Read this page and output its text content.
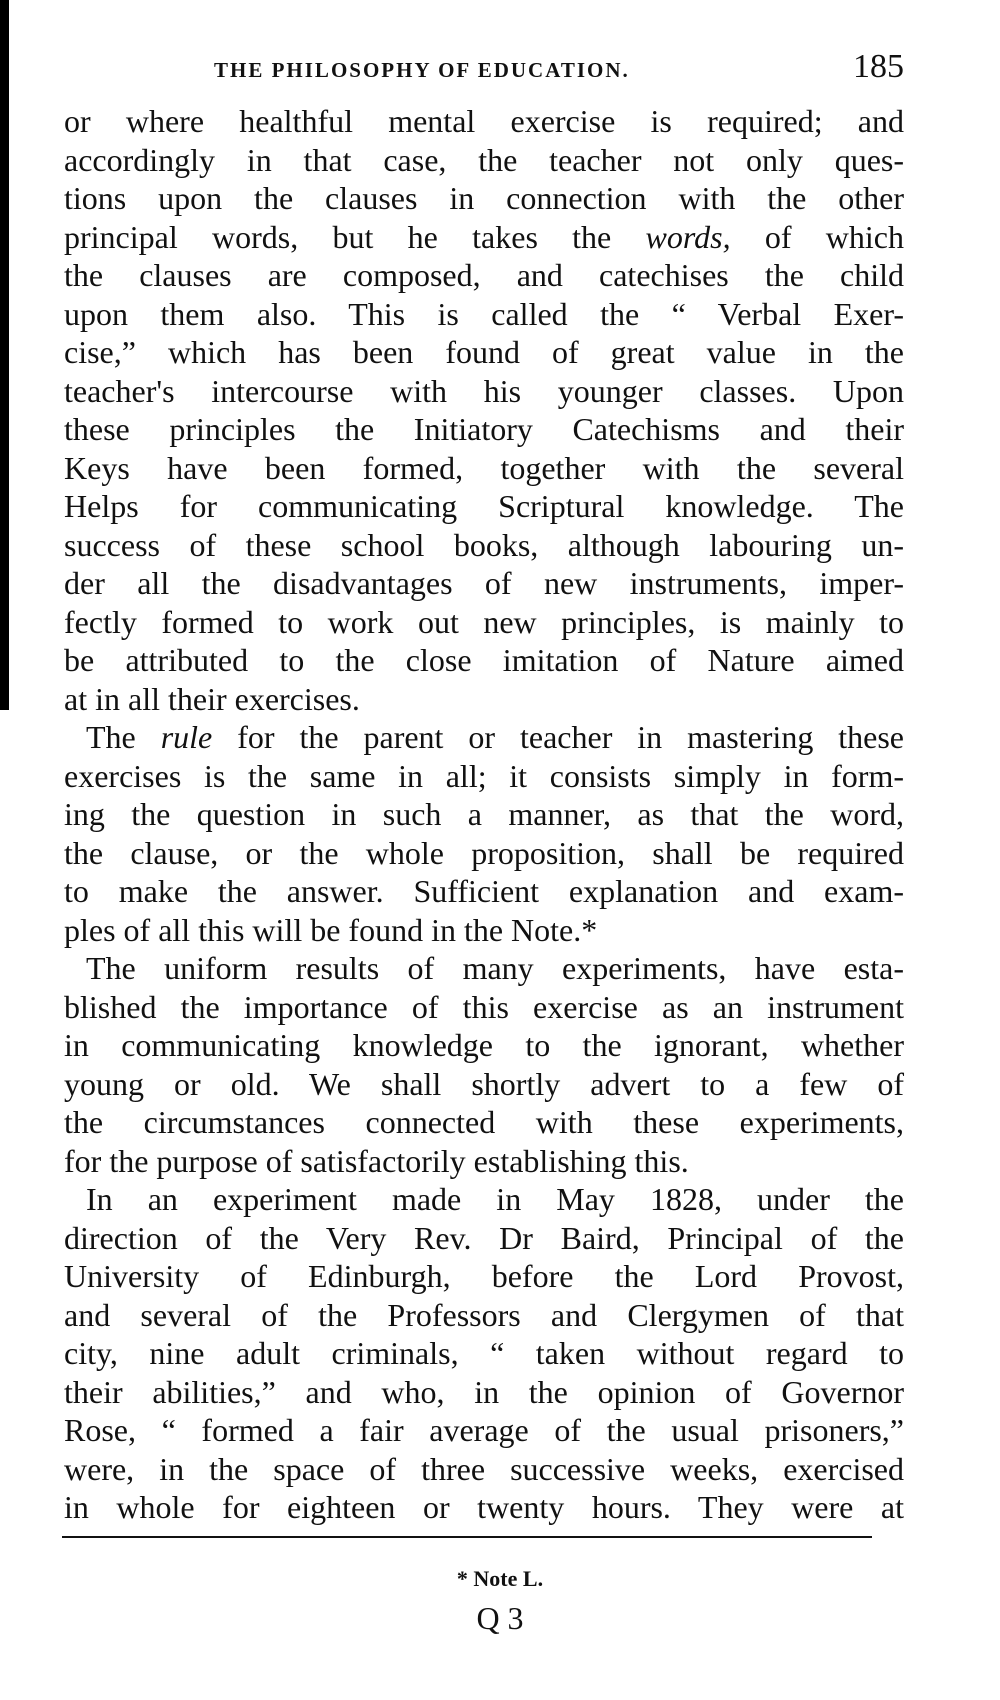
THE PHILOSOPHY OF EDUCATION.	185
or where healthful mental exercise is required; and
accordingly in that case, the teacher not only ques-
tions upon the clauses in connection with the other
principal words, but he takes the words, of which
the clauses are composed, and catechises the child
upon them also. This is called the “ Verbal Exer-
cise,” which has been found of great value in the
teacher's intercourse with his younger classes. Upon
these principles the Initiatory Catechisms and their
Keys have been formed, together with the several
Helps for communicating Scriptural knowledge. The
success of these school books, although labouring un-
der all the disadvantages of new instruments, imper-
fectly formed to work out new principles, is mainly to
be attributed to the close imitation of Nature aimed
at in all their exercises.
The rule for the parent or teacher in mastering these
exercises is the same in all; it consists simply in form-
ing the question in such a manner, as that the word,
the clause, or the whole proposition, shall be required
to make the answer. Sufficient explanation and exam-
ples of all this will be found in the Note.*
The uniform results of many experiments, have esta-
blished the importance of this exercise as an instrument
in communicating knowledge to the ignorant, whether
young or old. We shall shortly advert to a few of
the circumstances connected with these experiments,
for the purpose of satisfactorily establishing this.
In an experiment made in May 1828, under the
direction of the Very Rev. Dr Baird, Principal of the
University of Edinburgh, before the Lord Provost,
and several of the Professors and Clergymen of that
city, nine adult criminals, “ taken without regard to
their abilities,” and who, in the opinion of Governor
Rose, “ formed a fair average of the usual prisoners,”
were, in the space of three successive weeks, exercised
in whole for eighteen or twenty hours. They were at
* Note L.
Q 3
